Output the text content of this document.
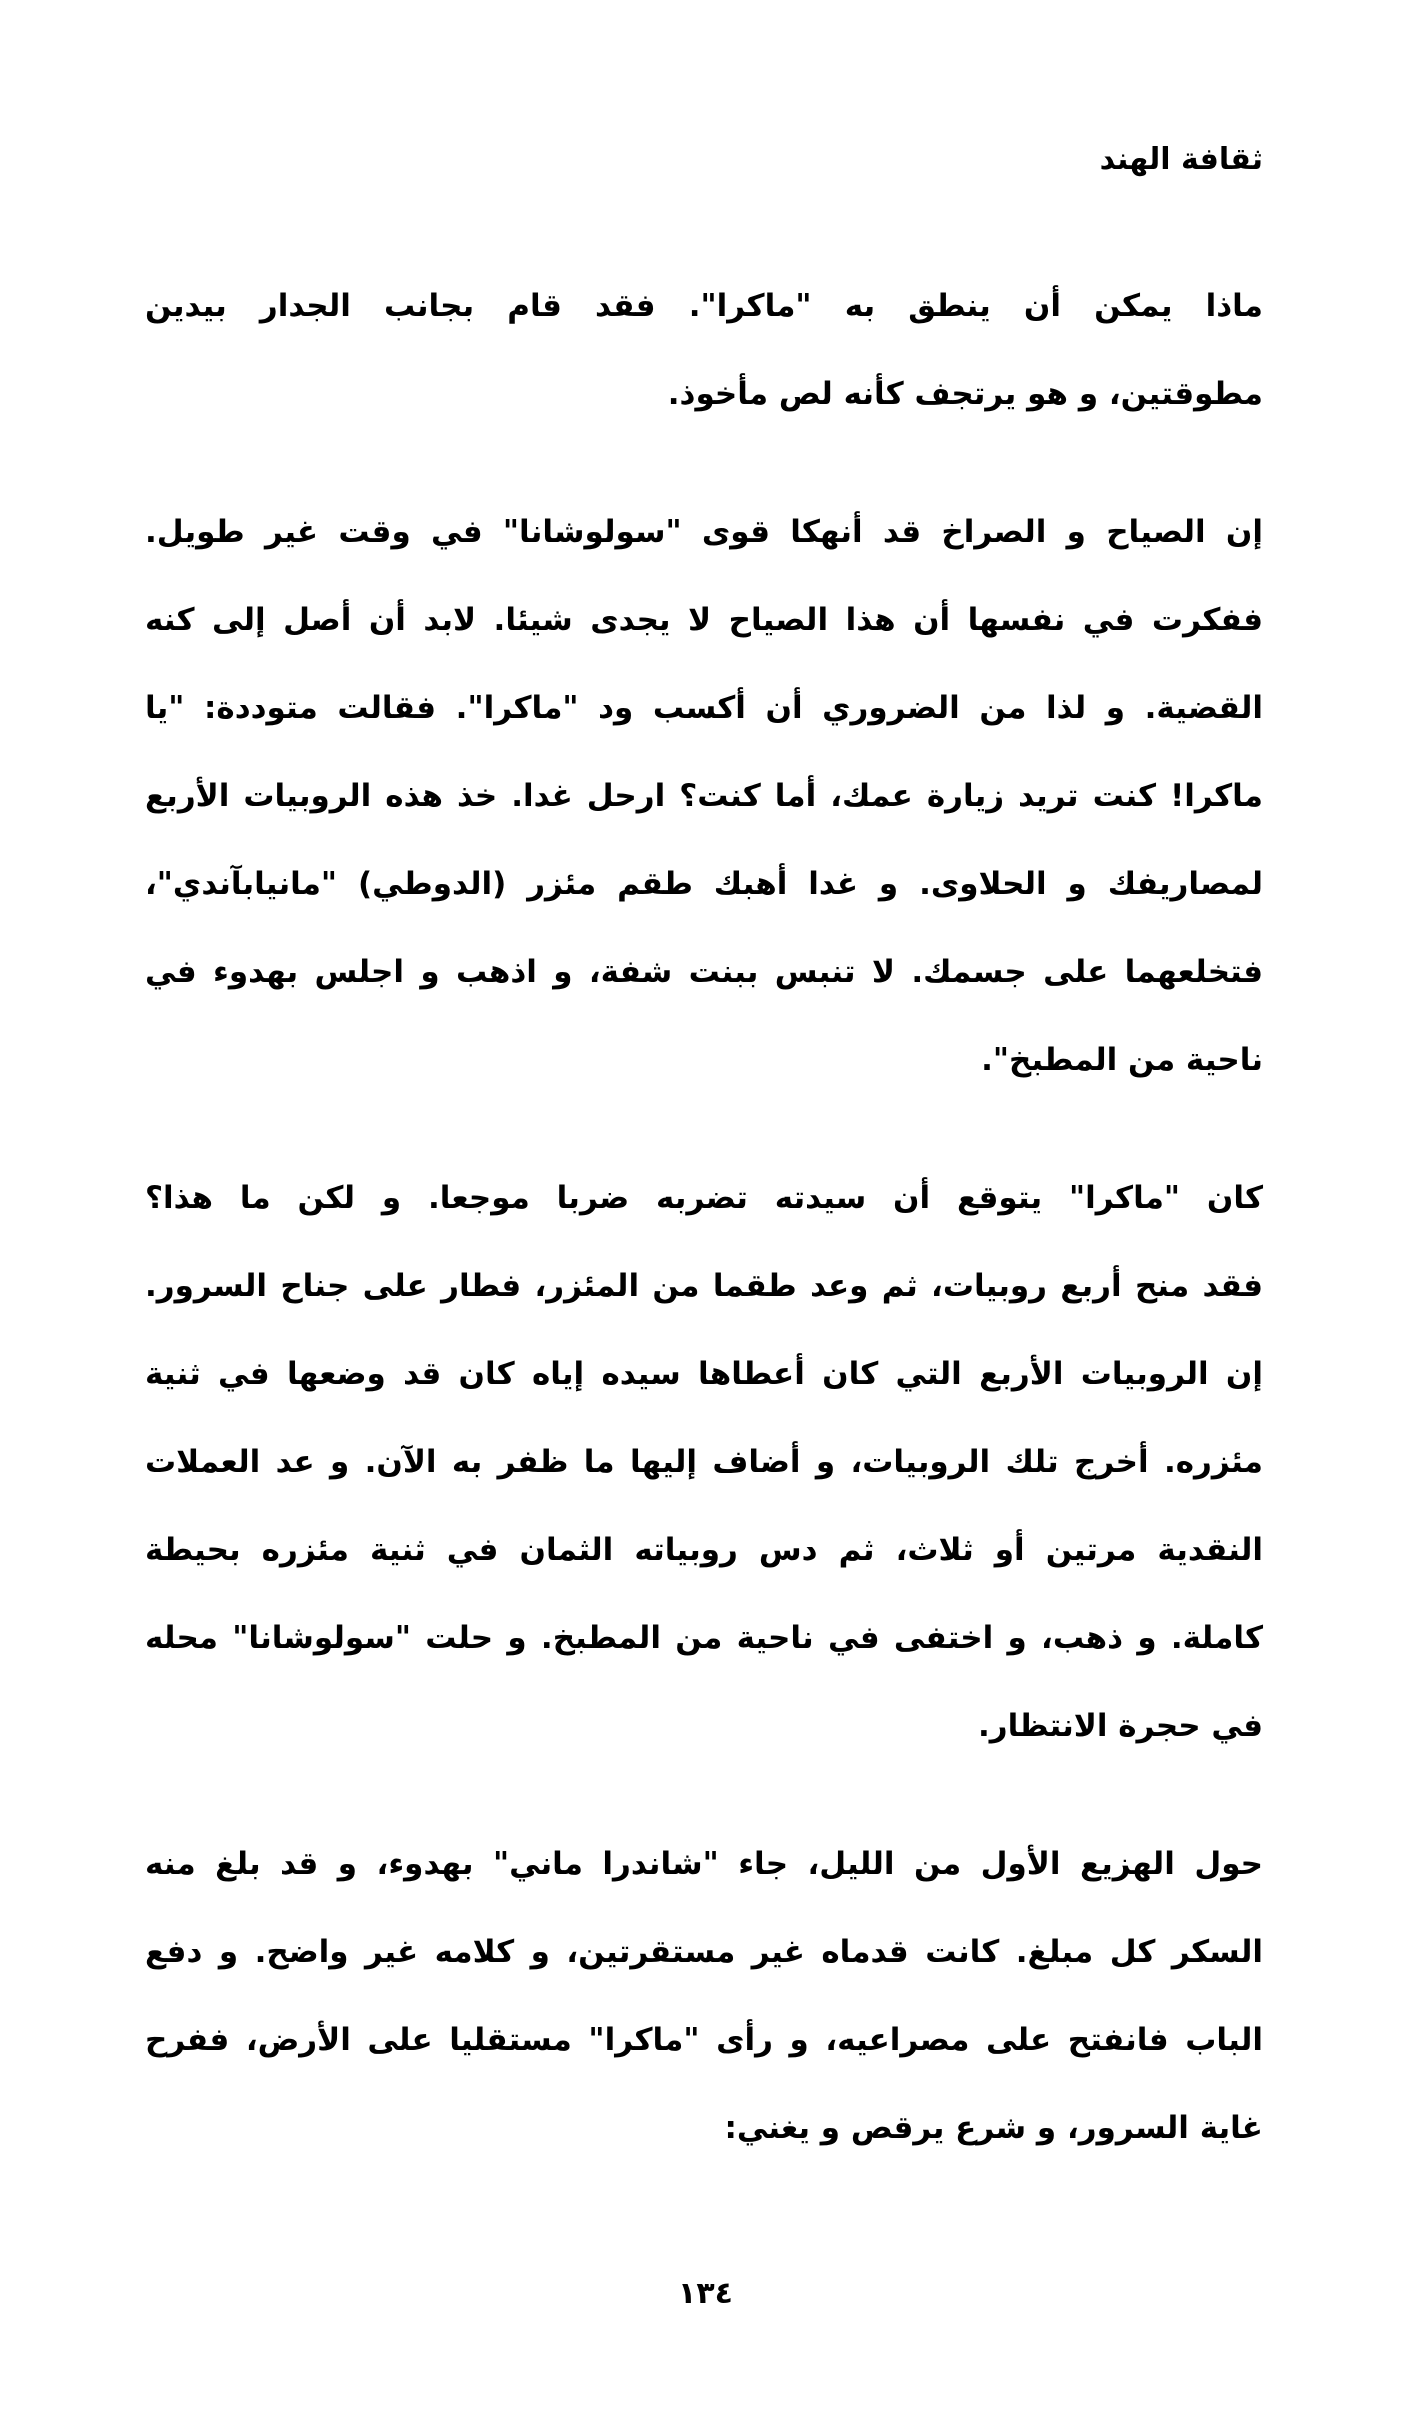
ثقافة الهند

ماذا يمكن أن ينطق به "ماكرا". فقد قام بجانب الجدار بيدين
مطوقتين، و هو يرتجف كأنه لص مأخوذ.

إن الصياح و الصراخ قد أنهكا قوى "سولوشانا" في وقت غير طويل.
ففكرت في نفسها أن هذا الصياح لا يجدى شيئا. لابد أن أصل إلى كنه
القضية. و لذا من الضروري أن أكسب ود "ماكرا". فقالت متوددة: "يا
ماكرا! كنت تريد زيارة عمك، أما كنت؟ ارحل غدا. خذ هذه الروبيات الأربع
لمصاريفك و الحلاوى. و غدا أهبك طقم مئزر (الدوطي) "مانيابآندي"،
فتخلعهما على جسمك. لا تنبس ببنت شفة، و اذهب و اجلس بهدوء في
ناحية من المطبخ".

كان "ماكرا" يتوقع أن سيدته تضربه ضربا موجعا. و لكن ما هذا؟
فقد منح أربع روبيات، ثم وعد طقما من المئزر، فطار على جناح السرور.
إن الروبيات الأربع التي كان أعطاها سيده إياه كان قد وضعها في ثنية
مئزره. أخرج تلك الروبيات، و أضاف إليها ما ظفر به الآن. و عد العملات
النقدية مرتين أو ثلاث، ثم دس روبياته الثمان في ثنية مئزره بحيطة
كاملة. و ذهب، و اختفى في ناحية من المطبخ. و حلت "سولوشانا" محله
في حجرة الانتظار.

حول الهزيع الأول من الليل، جاء "شاندرا ماني" بهدوء، و قد بلغ منه
السكر كل مبلغ. كانت قدماه غير مستقرتين، و كلامه غير واضح. و دفع
الباب فانفتح على مصراعيه، و رأى "ماكرا" مستقليا على الأرض، ففرح
غاية السرور، و شرع يرقص و يغني:

١٣٤
